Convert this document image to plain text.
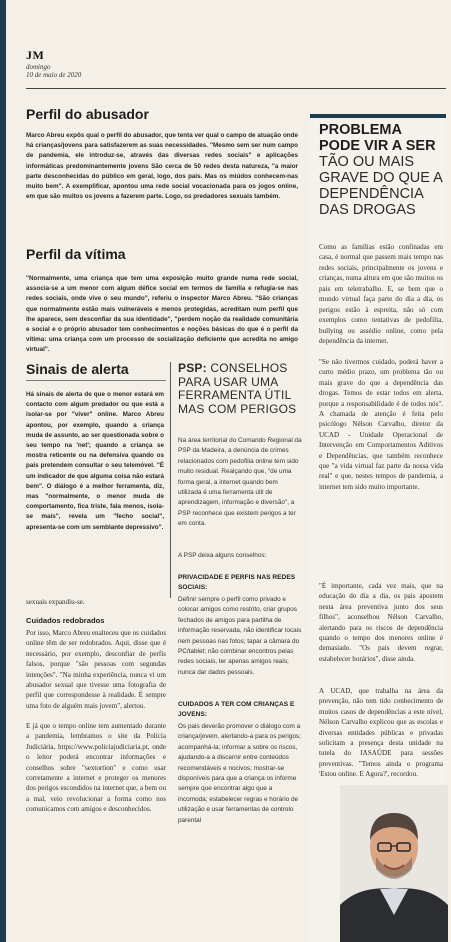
JM
domingo
10 de maio de 2020
Perfil do abusador

Marco Abreu expôs qual o perfil do abusador, que tenta ver qual o campo de atuação onde há crianças/jovens para satisfazerem as suas necessidades. "Mesmo sem ser num campo de pandemia, ele introduz-se, através das diversas redes sociais" e aplicações informáticas predominantemente jovens São cerca de 50 redes desta natureza, "a maior parte desconhecidas do público em geral, logo, dos pais. Mas os miúdos conhecem-nas muito bem". A exemplificar, apontou uma rede social vocacionada para os jogos online, em que são muitos os jovens a fazerem parte. Logo, os predadores sexuais também.

Perfil da vítima

"Normalmente, uma criança que tem uma exposição muito grande numa rede social, associa-se a um menor com algum défice social em termos de família e refugia-se nas redes sociais, onde vive o seu mundo", referiu o inspector Marco Abreu. "São crianças que normalmente estão mais vulneráveis e menos protegidas, acreditam num perfil que lhe aparece, sem desconfiar da sua identidade", "perdem noção da realidade comunitária e social e o próprio abusador tem conhecimentos e noções básicas do que é o perfil da vítima: uma criança com um processo de socialização deficiente que acredita no amigo virtual".

Sinais de alerta

Há sinais de alerta de que o menor estará em contacto com algum predador ou que está a isolar-se por "viver" online. Marco Abreu apontou, por exemplo, quando a criança muda de assunto, ao ser questionada sobre o seu tempo na 'net'; quando a criança se mostra reticente ou na defensiva quando os pais pretendem consultar o seu telemóvel. "É um indicador de que alguma coisa não estará bem". O diálogo é a melhor ferramenta, diz, mas "normalmente, o menor muda de comportamento, fica triste, fala menos, isola-se mais", revela um "fecho social", apresenta-se com um semblante depressivo".

sexuais expandiu-se.

Cuidados redobrados

Por isso, Marco Abreu enalteceu que os cuidados online têm de ser redobrados. Aqui, disse que é necessário, por exemplo, desconfiar de perfis falsos, porque "são pessoas com segundas intenções". "Na minha experiência, nunca vi um abusador sexual que tivesse uma fotografia de perfil que correspondesse à realidade. É sempre uma foto de alguém mais jovem", alertou.

E já que o tempo online tem aumentado durante a pandemia, lembramos o site da Polícia Judiciária, https://www.policiajudiciaria.pt, onde o leitor poderá encontrar informações e conselhos sobre "sextortion" e como usar corretamente a internet e proteger os menores dos perigos escondidos na internet que, a bem ou a mal, veio revolucionar a forma como nos comunicamos com amigos e desconhecidos.

PSP: CONSELHOS PARA USAR UMA FERRAMENTA ÚTIL MAS COM PERIGOS

Na área territorial do Comando Regional da PSP da Madeira, a denúncia de crimes relacionados com pedofilia online tem sido muito residual. Realçando que, "de uma forma geral, a internet quando bem utilizada é uma ferramenta útil de aprendizagem, informação e diversão", a PSP reconhece que existem perigos a ter em conta.

A PSP deixa alguns conselhos:

PRIVACIDADE E PERFIS NAS REDES SOCIAIS:

Definir sempre o perfil como privado e colocar amigos como restrito, criar grupos fechados de amigos para partilha de informação reservada, não identificar locais nem pessoas nas fotos; tapar a câmara do PC/tablet; não combinar encontros pelas redes sociais, ter apenas amigos reais; nunca dar dados pessoais.

CUIDADOS A TER COM CRIANÇAS E JOVENS:

Os pais deverão promover o diálogo com a criança/jovem, alertando-a para os perigos; acompanhá-la; informar a sobre os riscos, ajudando-a a discernir entre conteúdos recomendáveis e nocivos; mostrar-se disponíveis para que a criança os informe sempre que encontrar algo que a incomoda; estabelecer regras e horário de utilização e usar ferramentas de controlo parental

PROBLEMA PODE VIR A SER TÃO OU MAIS GRAVE DO QUE A DEPENDÊNCIA DAS DROGAS

Como as famílias estão confinadas em casa, é normal que passem mais tempo nas redes sociais, principalmente os jovens e crianças, numa altura em que são muitos os pais em teletrabalho. E, se bem que o mundo virtual faça parte do dia a dia, os perigos estão à espreita, não só com exemplos como tentativas de pedofilia, bullying ou assédio online, como pela dependência da internet.

"Se não tivermos cuidado, poderá haver a curto médio prazo, um problema tão ou mais grave do que a dependência das drogas. Temos de estar todos em alerta, porque a responsabilidade é de todos nós". A chamada de atenção é feita pelo psicólogo Nélson Carvalho, diretor da UCAD - Unidade Operacional de Intervenção em Comportamentos Aditivos e Dependências, que também reconhece que "a vida virtual faz parte da nossa vida real" e que, nestes tempos de pandemia, a internet tem sido muito importante.

"É importante, cada vez mais, que na educação do dia a dia, os pais apostem nesta área preventiva junto dos seus filhos", aconselhou Nélson Carvalho, alertando para os riscos de dependência quando o tempo dos menores online é demasiado. "Os pais devem regrar, estabelecer horários", disse ainda.

A UCAD, que trabalha na área da prevenção, não tem tido conhecimento de muitos casos de dependências a este nível, Nélson Carvalho explicou que as escolas e diversas entidades públicas e privadas solicitam a presença desta unidade na tutela do IASAÚDE para sessões preventivas. "Temos ainda o programa 'Estou online. E Agora?', recordou.
